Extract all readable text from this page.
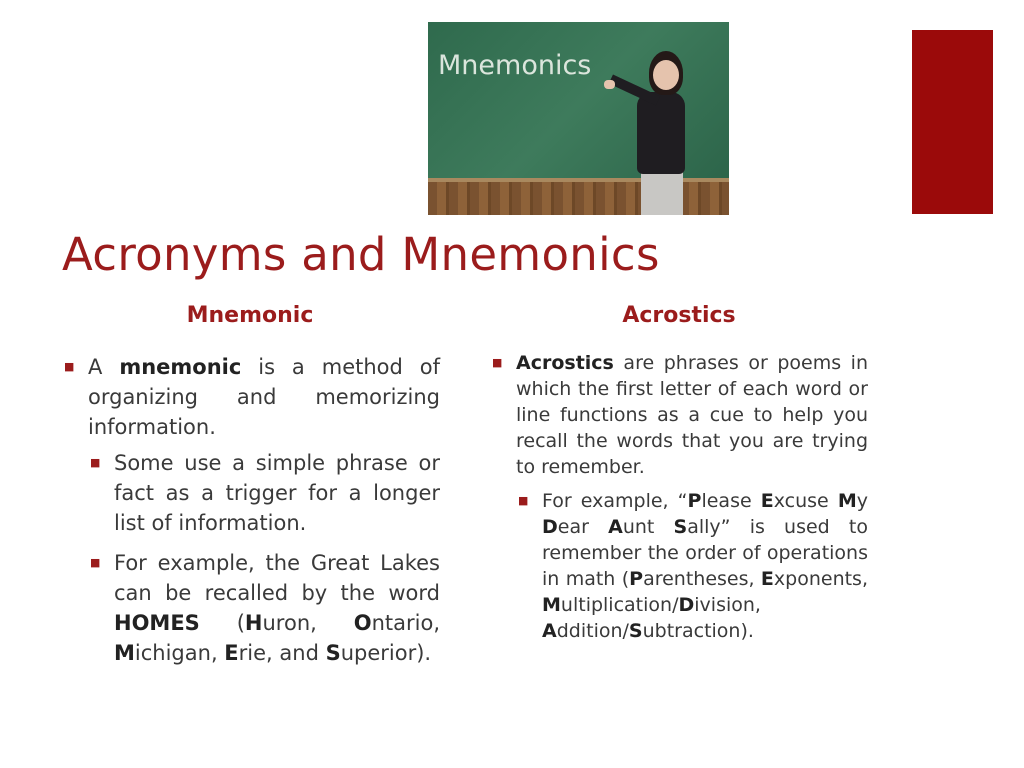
Mnemonics
Acronyms and Mnemonics
Mnemonic	Acrostics
■ A mnemonic is a method of organizing and memorizing information.
■ Some use a simple phrase or fact as a trigger for a longer list of information.
■ For example, the Great Lakes can be recalled by the word HOMES (Huron, Ontario, Michigan, Erie, and Superior).
■ Acrostics are phrases or poems in which the first letter of each word or line functions as a cue to help you recall the words that you are trying to remember.
■ For example, “Please Excuse My Dear Aunt Sally” is used to remember the order of operations in math (Parentheses, Exponents, Multiplication/Division, Addition/Subtraction).
